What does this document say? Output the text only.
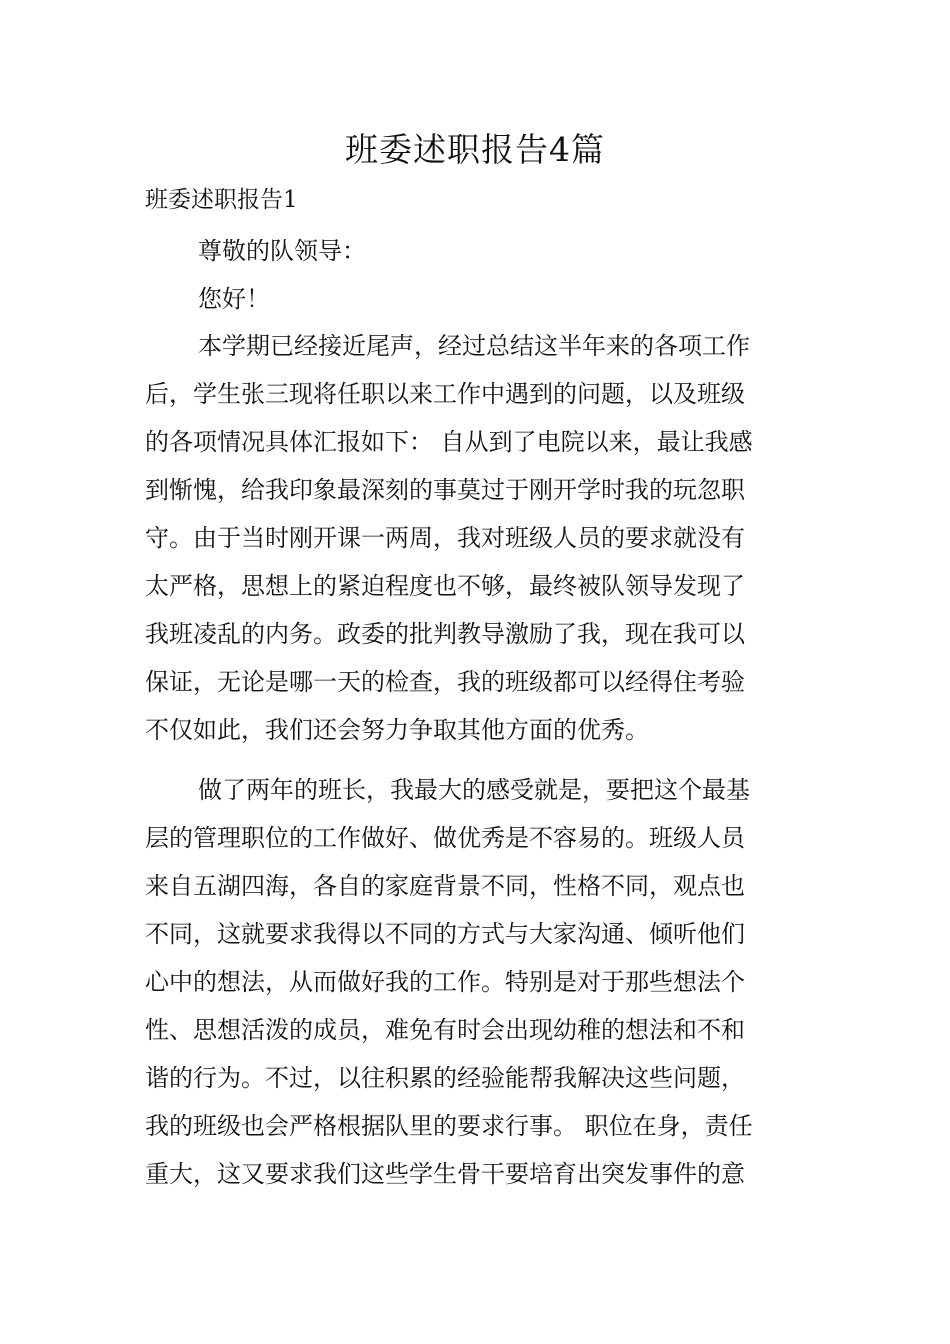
班委述职报告4篇
班委述职报告1
尊敬的队领导：
您好！
本学期已经接近尾声，经过总结这半年来的各项工作
后，学生张三现将任职以来工作中遇到的问题，以及班级
的各项情况具体汇报如下： 自从到了电院以来，最让我感
到惭愧，给我印象最深刻的事莫过于刚开学时我的玩忽职
守。由于当时刚开课一两周，我对班级人员的要求就没有
太严格，思想上的紧迫程度也不够，最终被队领导发现了
我班凌乱的内务。政委的批判教导激励了我，现在我可以
保证，无论是哪一天的检查，我的班级都可以经得住考验
不仅如此，我们还会努力争取其他方面的优秀。
做了两年的班长，我最大的感受就是，要把这个最基
层的管理职位的工作做好、做优秀是不容易的。班级人员
来自五湖四海，各自的家庭背景不同，性格不同，观点也
不同，这就要求我得以不同的方式与大家沟通、倾听他们
心中的想法，从而做好我的工作。特别是对于那些想法个
性、思想活泼的成员，难免有时会出现幼稚的想法和不和
谐的行为。不过，以往积累的经验能帮我解决这些问题，
我的班级也会严格根据队里的要求行事。 职位在身，责任
重大，这又要求我们这些学生骨干要培育出突发事件的意
